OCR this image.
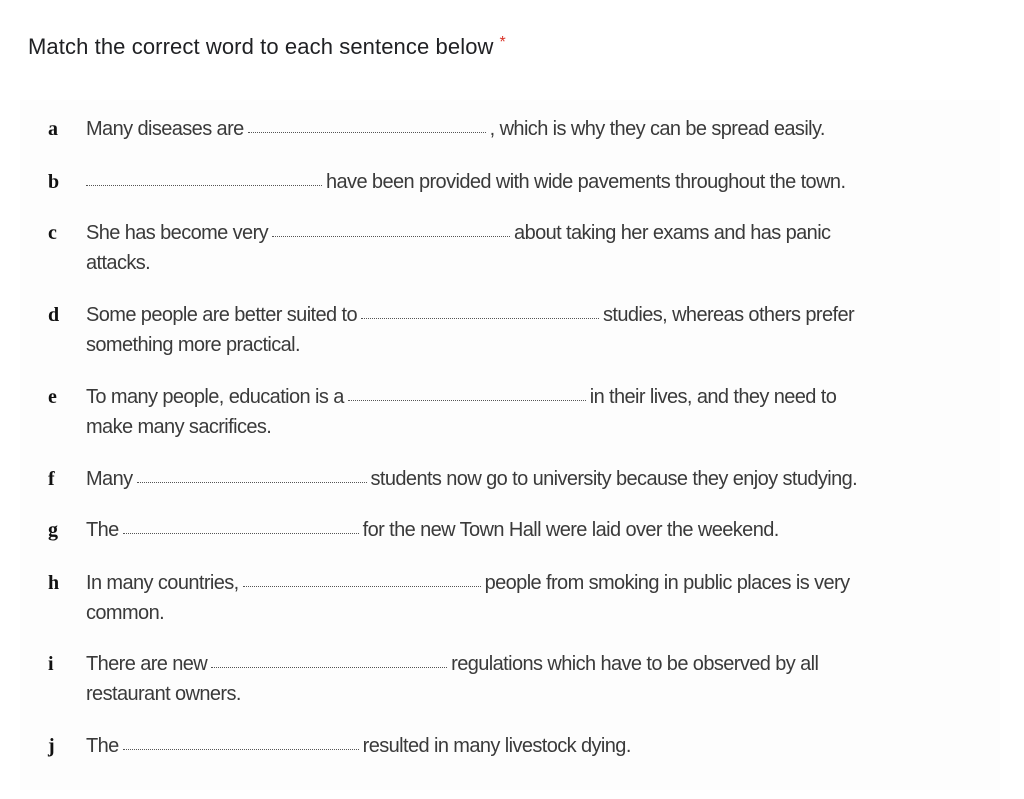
Match the correct word to each sentence below *
a	Many diseases are	, which is why they can be spread easily.
b	have been provided with wide pavements throughout the town.
c	She has become very	about taking her exams and has panic
attacks.
d	Some people are better suited to	studies, whereas others prefer
something more practical.
e	To many people, education is a	in their lives, and they need to
make many sacrifices.
f	Many	students now go to university because they enjoy studying.
g	The	for the new Town Hall were laid over the weekend.
h	In many countries,	people from smoking in public places is very
common.
i	There are new	regulations which have to be observed by all
restaurant owners.
j	The	resulted in many livestock dying.
